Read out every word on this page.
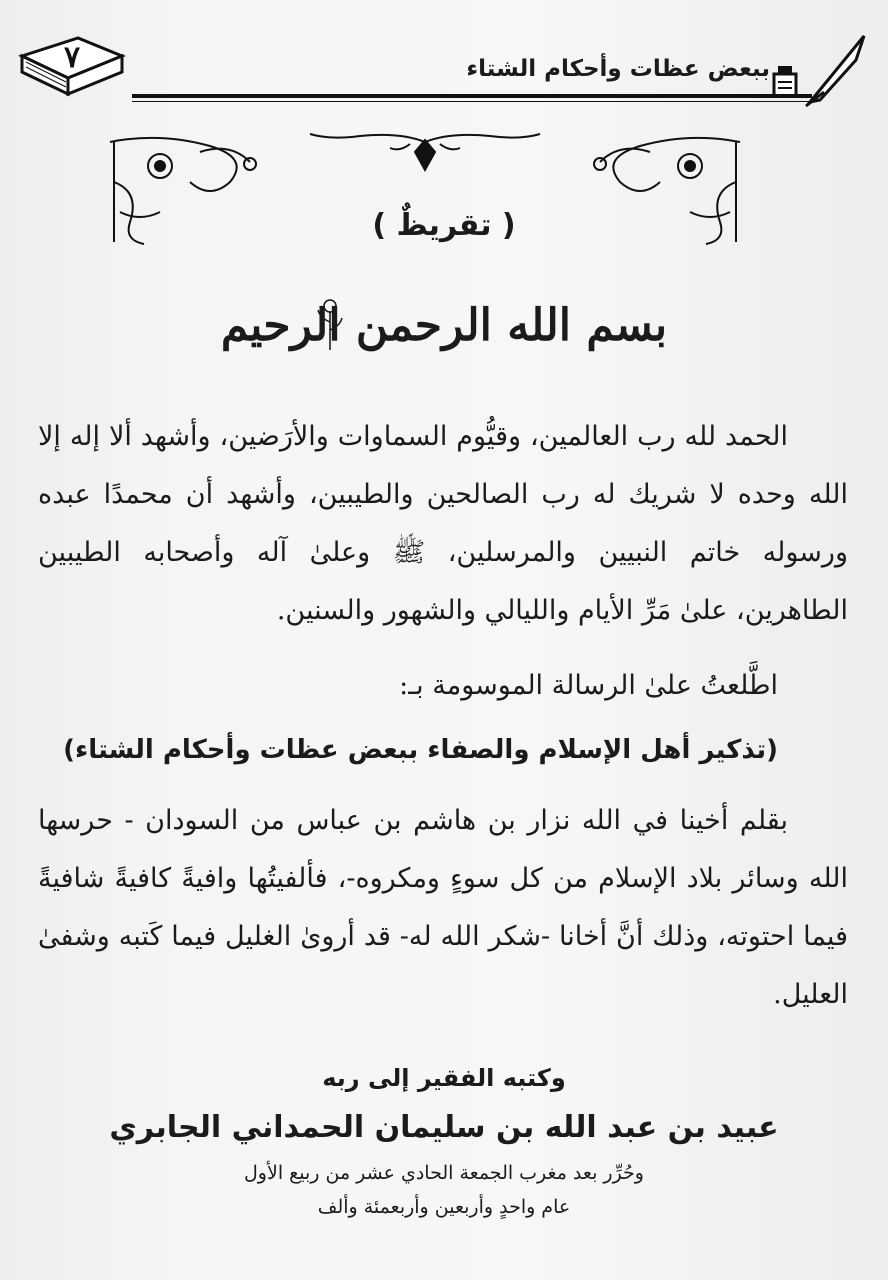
٧	ببعض عظات وأحكام الشتاء
( تقريظٌ )
بسم الله الرحمن الرحيم
الحمد لله رب العالمين، وقيُّوم السماوات والأرَضين، وأشهد ألا إله إلا الله وحده لا شريك له رب الصالحين والطيبين، وأشهد أن محمدًا عبده ورسوله خاتم النبيين والمرسلين، ﷺ وعلىٰ آله وأصحابه الطيبين الطاهرين، علىٰ مَرِّ الأيام والليالي والشهور والسنين.
اطَّلعتُ علىٰ الرسالة الموسومة بـ:
(تذكير أهل الإسلام والصفاء ببعض عظات وأحكام الشتاء)
بقلم أخينا في الله نزار بن هاشم بن عباس من السودان - حرسها الله وسائر بلاد الإسلام من كل سوءٍ ومكروه-، فألفيتُها وافيةً كافيةً شافيةً فيما احتوته، وذلك أنَّ أخانا -شكر الله له- قد أروىٰ الغليل فيما كَتبه وشفىٰ العليل.
وكتبه الفقير إلى ربه
عبيد بن عبد الله بن سليمان الحمداني الجابري
وحُرِّر بعد مغرب الجمعة الحادي عشر من ربيع الأول
عام واحدٍ وأربعين وأربعمئة وألف
